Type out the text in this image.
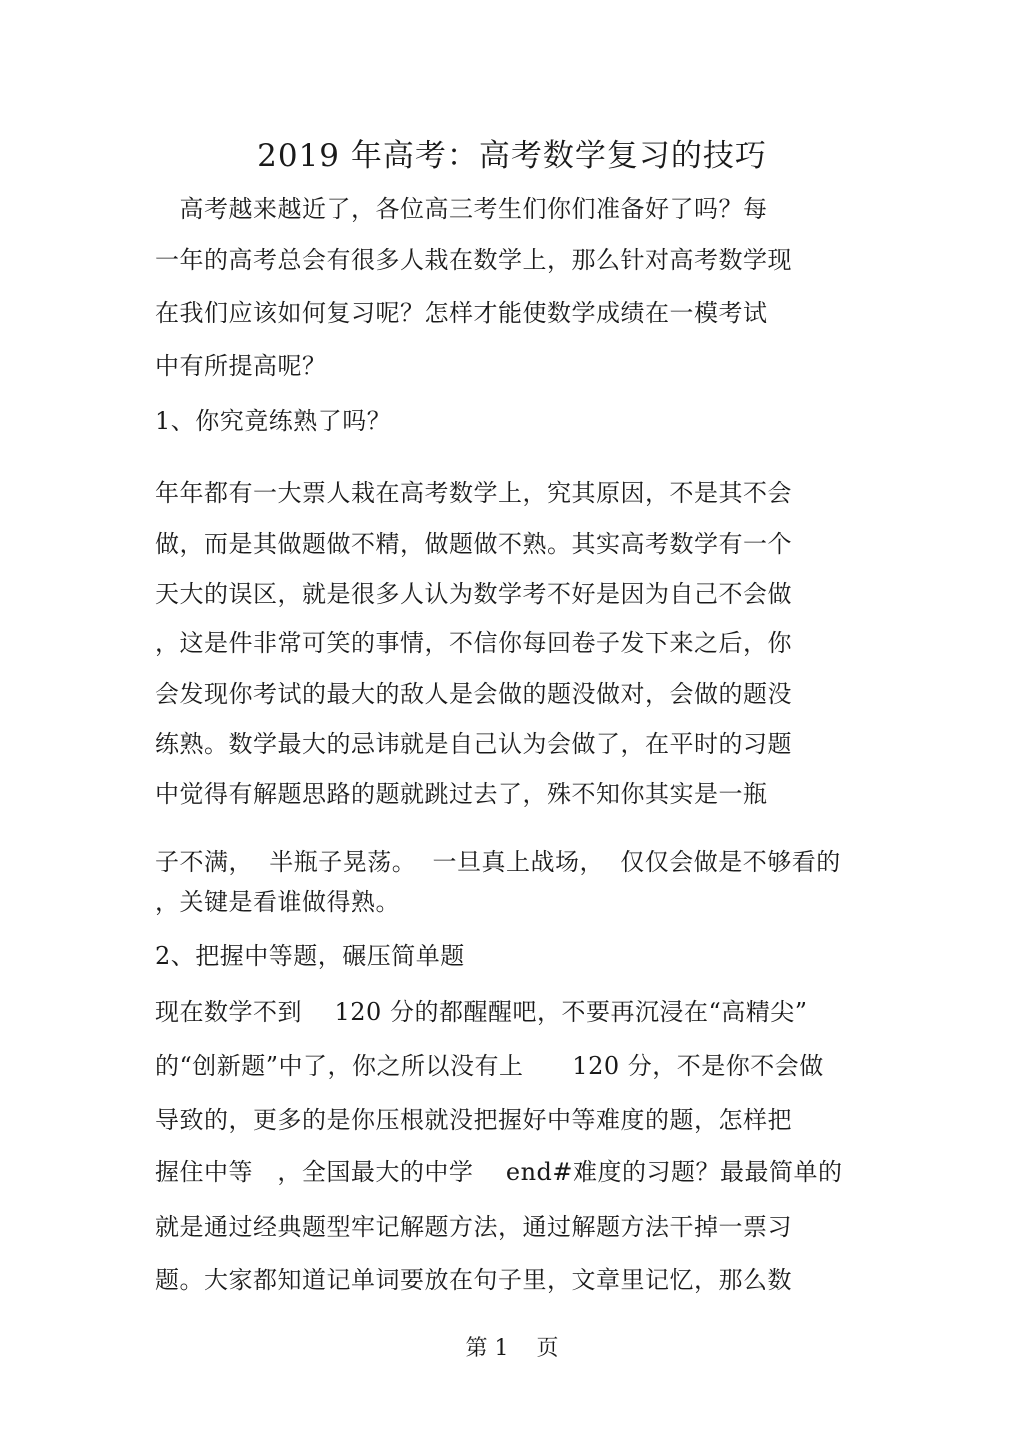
2019 年高考：高考数学复习的技巧
　高考越来越近了，各位高三考生们你们准备好了吗？每
一年的高考总会有很多人栽在数学上，那么针对高考数学现
在我们应该如何复习呢？怎样才能使数学成绩在一模考试
中有所提高呢？
1、你究竟练熟了吗？
年年都有一大票人栽在高考数学上，究其原因，不是其不会
做，而是其做题做不精，做题做不熟。其实高考数学有一个
天大的误区，就是很多人认为数学考不好是因为自己不会做
，这是件非常可笑的事情，不信你每回卷子发下来之后，你
会发现你考试的最大的敌人是会做的题没做对，会做的题没
练熟。数学最大的忌讳就是自己认为会做了，在平时的习题
中觉得有解题思路的题就跳过去了，殊不知你其实是一瓶
子不满，  半瓶子晃荡。  一旦真上战场，  仅仅会做是不够看的
，关键是看谁做得熟。
2、把握中等题，碾压简单题
现在数学不到    120 分的都醒醒吧，不要再沉浸在“高精尖”
的“创新题”中了，你之所以没有上      120 分，不是你不会做
导致的，更多的是你压根就没把握好中等难度的题，怎样把
握住中等   ，全国最大的中学    end#难度的习题？最最简单的
就是通过经典题型牢记解题方法，通过解题方法干掉一票习
题。大家都知道记单词要放在句子里，文章里记忆，那么数
第 1    页
